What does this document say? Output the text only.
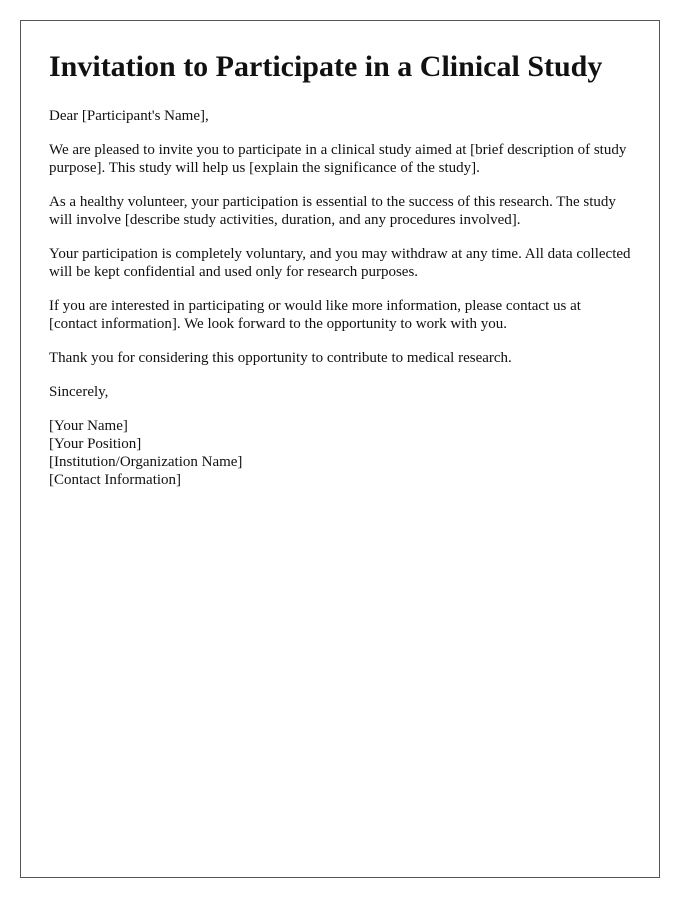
Invitation to Participate in a Clinical Study

Dear [Participant's Name],

We are pleased to invite you to participate in a clinical study aimed at [brief description of study purpose]. This study will help us [explain the significance of the study].

As a healthy volunteer, your participation is essential to the success of this research. The study will involve [describe study activities, duration, and any procedures involved].

Your participation is completely voluntary, and you may withdraw at any time. All data collected will be kept confidential and used only for research purposes.

If you are interested in participating or would like more information, please contact us at [contact information]. We look forward to the opportunity to work with you.

Thank you for considering this opportunity to contribute to medical research.

Sincerely,

[Your Name]
[Your Position]
[Institution/Organization Name]
[Contact Information]
